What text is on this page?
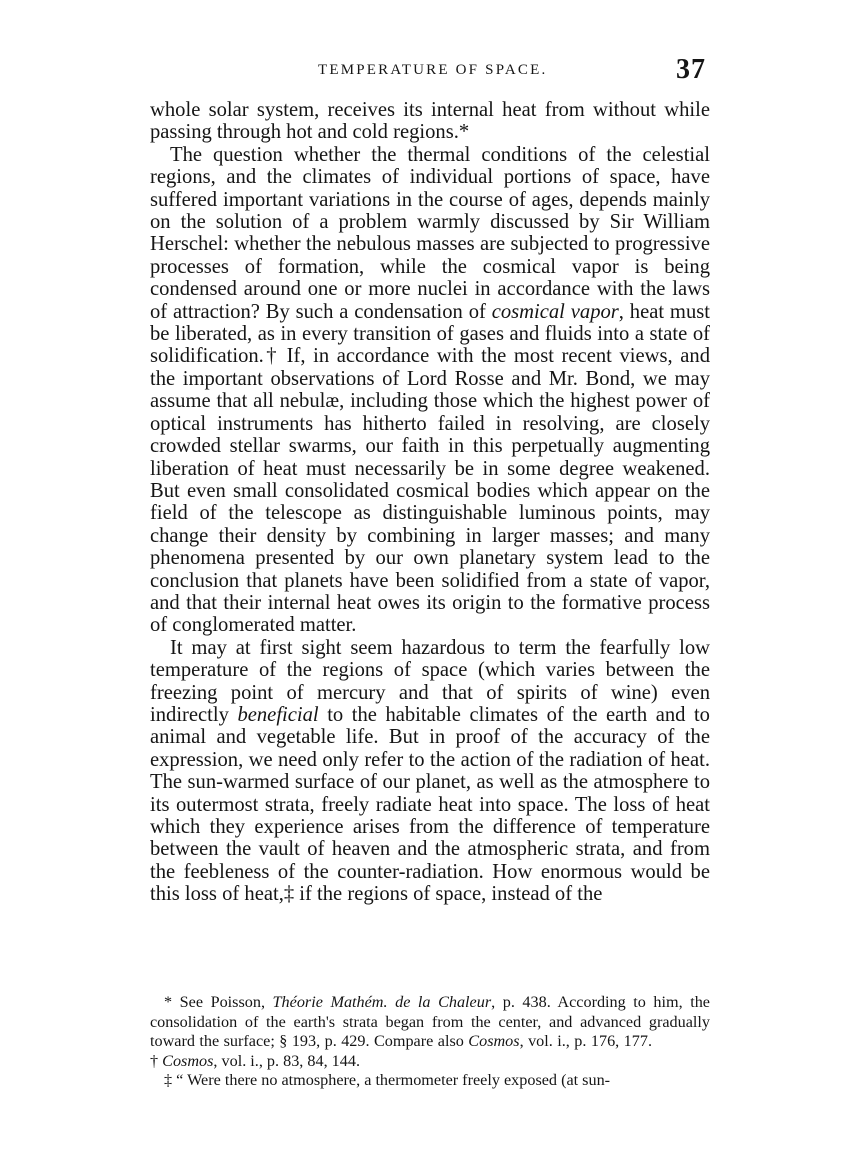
TEMPERATURE OF SPACE.	37

whole solar system, receives its internal heat from without while passing through hot and cold regions.*

The question whether the thermal conditions of the celestial regions, and the climates of individual portions of space, have suffered important variations in the course of ages, depends mainly on the solution of a problem warmly discussed by Sir William Herschel: whether the nebulous masses are subjected to progressive processes of formation, while the cosmical vapor is being condensed around one or more nuclei in accordance with the laws of attraction? By such a condensation of cosmical vapor, heat must be liberated, as in every transition of gases and fluids into a state of solidification.† If, in accordance with the most recent views, and the important observations of Lord Rosse and Mr. Bond, we may assume that all nebulæ, including those which the highest power of optical instruments has hitherto failed in resolving, are closely crowded stellar swarms, our faith in this perpetually augmenting liberation of heat must necessarily be in some degree weakened. But even small consolidated cosmical bodies which appear on the field of the telescope as distinguishable luminous points, may change their density by combining in larger masses; and many phenomena presented by our own planetary system lead to the conclusion that planets have been solidified from a state of vapor, and that their internal heat owes its origin to the formative process of conglomerated matter.

It may at first sight seem hazardous to term the fearfully low temperature of the regions of space (which varies between the freezing point of mercury and that of spirits of wine) even indirectly beneficial to the habitable climates of the earth and to animal and vegetable life. But in proof of the accuracy of the expression, we need only refer to the action of the radiation of heat. The sun-warmed surface of our planet, as well as the atmosphere to its outermost strata, freely radiate heat into space. The loss of heat which they experience arises from the difference of temperature between the vault of heaven and the atmospheric strata, and from the feebleness of the counter-radiation. How enormous would be this loss of heat,‡ if the regions of space, instead of the

* See Poisson, Théorie Mathém. de la Chaleur, p. 438. According to him, the consolidation of the earth's strata began from the center, and advanced gradually toward the surface; § 193, p. 429. Compare also Cosmos, vol. i., p. 176, 177.† Cosmos, vol. i., p. 83, 84, 144.

‡ “ Were there no atmosphere, a thermometer freely exposed (at sun-
